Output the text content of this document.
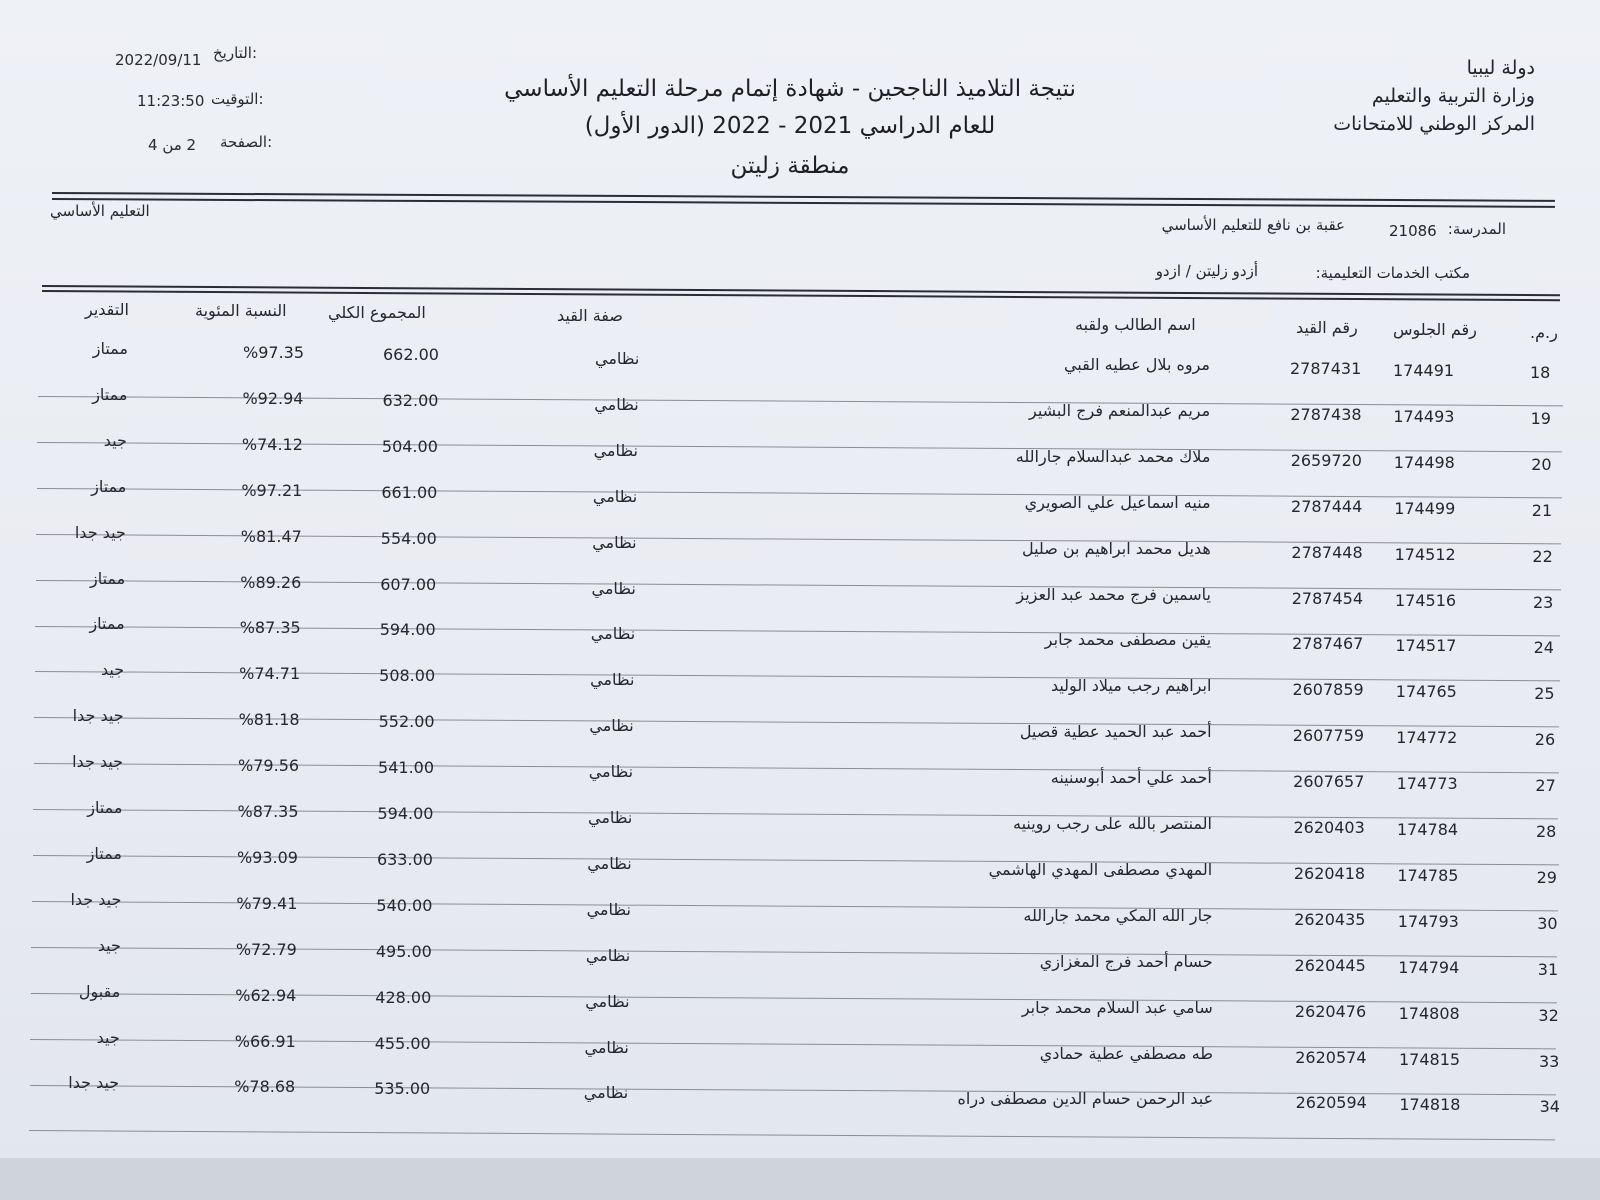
دولة ليبيا
وزارة التربية والتعليم
المركز الوطني للامتحانات
نتيجة التلاميذ الناجحين - شهادة إتمام مرحلة التعليم الأساسي
للعام الدراسي 2021 - 2022 (الدور الأول)
منطقة زليتن
التاريخ:
2022/09/11
التوقيت:
11:23:50
الصفحة:
2 من 4
المدرسة:
21086
عقبة بن نافع للتعليم الأساسي
التعليم الأساسي
مكتب الخدمات التعليمية:
أزدو زليتن / ازدو
ر.م.
رقم الجلوس
رقم القيد
اسم الطالب ولقبه
صفة القيد
المجموع الكلي
النسبة المئوية
التقدير
18
174491
2787431
مروه بلال عطيه القبي
نظامي
662.00
%97.35
ممتاز
19
174493
2787438
مريم عبدالمنعم فرج البشير
نظامي
632.00
%92.94
ممتاز
20
174498
2659720
ملاك محمد عبدالسلام جارالله
نظامي
504.00
%74.12
جيد
21
174499
2787444
منيه اسماعيل علي الصويري
نظامي
661.00
%97.21
ممتاز
22
174512
2787448
هديل محمد ابراهيم بن صليل
نظامي
554.00
%81.47
جيد جدا
23
174516
2787454
ياسمين فرج محمد عبد العزيز
نظامي
607.00
%89.26
ممتاز
24
174517
2787467
يقين مصطفى محمد جابر
نظامي
594.00
%87.35
ممتاز
25
174765
2607859
ابراهيم رجب ميلاد الوليد
نظامي
508.00
%74.71
جيد
26
174772
2607759
أحمد عبد الحميد عطية قصيل
نظامي
552.00
%81.18
جيد جدا
27
174773
2607657
أحمد علي أحمد أبوسنينه
نظامي
541.00
%79.56
جيد جدا
28
174784
2620403
المنتصر بالله على رجب روينيه
نظامي
594.00
%87.35
ممتاز
29
174785
2620418
المهدي مصطفى المهدي الهاشمي
نظامي
633.00
%93.09
ممتاز
30
174793
2620435
جار الله المكي محمد جارالله
نظامي
540.00
%79.41
جيد جدا
31
174794
2620445
حسام أحمد فرج المغزازي
نظامي
495.00
%72.79
جيد
32
174808
2620476
سامي عبد السلام محمد جابر
نظامي
428.00
%62.94
مقبول
33
174815
2620574
طه مصطفي عطية حمادي
نظامي
455.00
%66.91
جيد
34
174818
2620594
عبد الرحمن حسام الدين مصطفى دراه
نظامي
535.00
%78.68
جيد جدا
